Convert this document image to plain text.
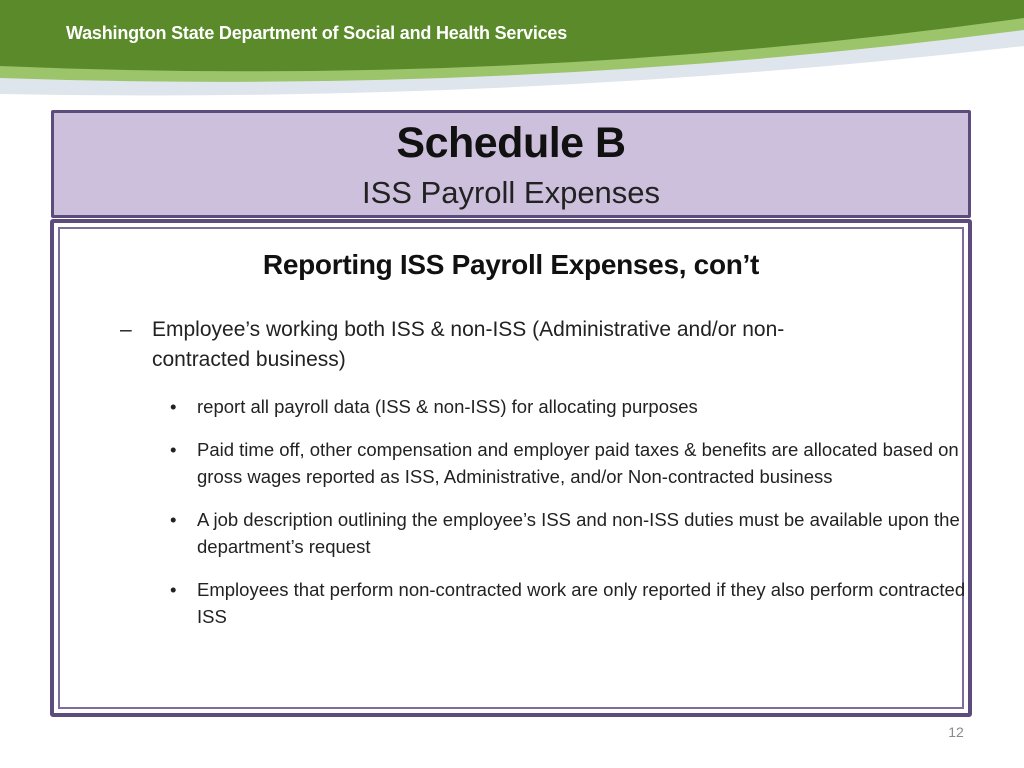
Washington State Department of Social and Health Services
Schedule B
ISS Payroll Expenses
Reporting ISS Payroll Expenses, con’t
– Employee’s working both ISS & non-ISS (Administrative and/or non-contracted business)
• report all payroll data (ISS & non-ISS) for allocating purposes
• Paid time off, other compensation and employer paid taxes & benefits are allocated based on gross wages reported as ISS, Administrative, and/or Non-contracted business
• A job description outlining the employee’s ISS and non-ISS duties must be available upon the department’s request
• Employees that perform non-contracted work are only reported if they also perform contracted ISS
12
